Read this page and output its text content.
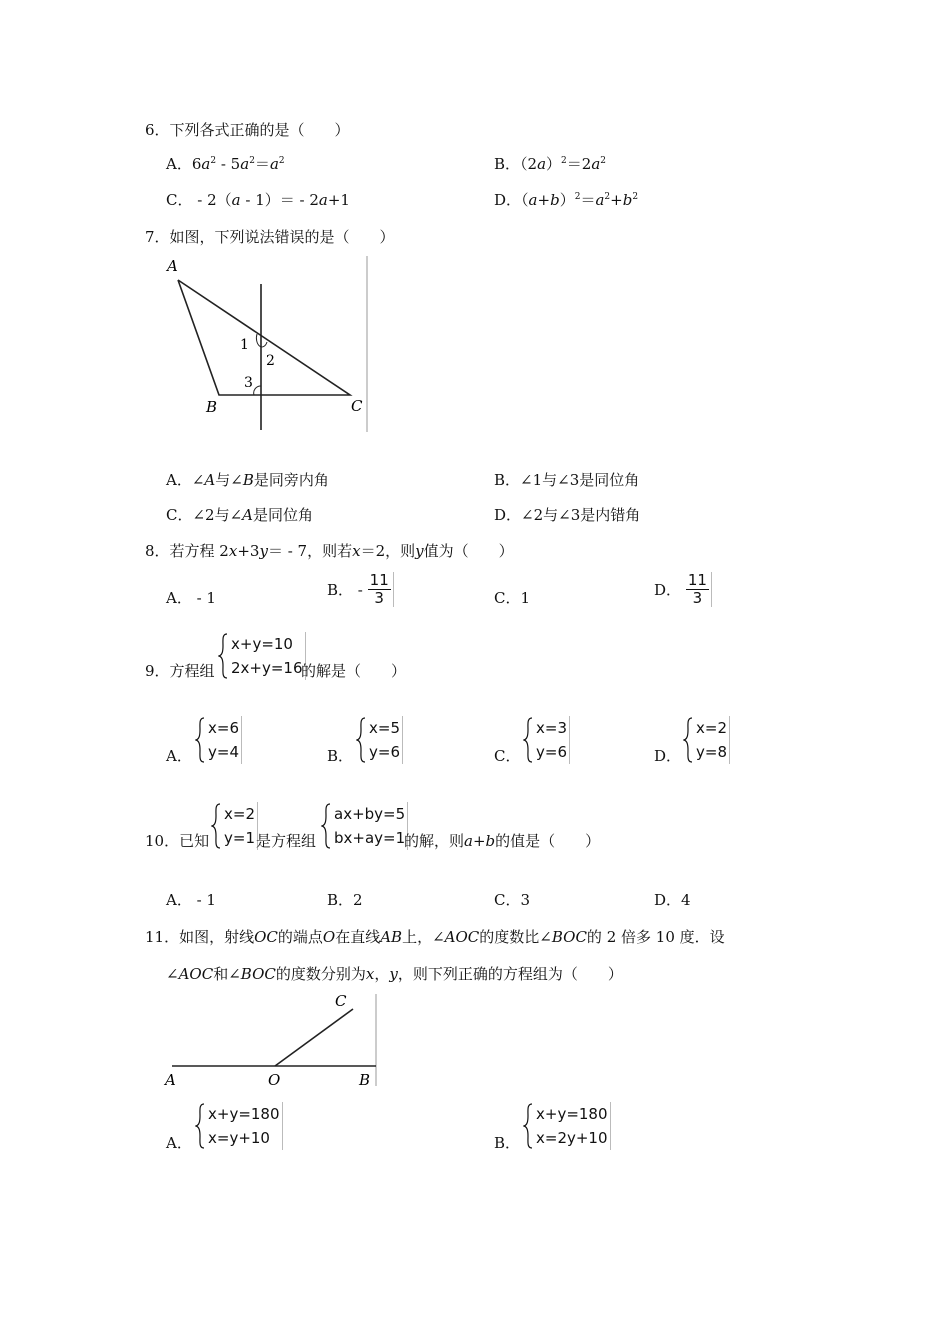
6．下列各式正确的是（　　）
A．$6a^2 - 5a^2=a^2$	B．$(2a)^2=2a^2$
C． - 2（a - 1）＝ - 2a+1	D．$(a+b)^2=a^2+b^2$
7．如图，下列说法错误的是（　　）
A
B	C
1
2
3
A．∠A与∠B是同旁内角	B．∠1与∠3是同位角
C．∠2与∠A是同位角	D．∠2与∠3是内错角
8．若方程 2x+3y＝ - 7，则若x＝2，则y值为（　　）
A． - 1	B． - $\frac{11}{3}$	C．1	D． $\frac{11}{3}$
9．方程组
x+y=10
2x+y=16
的解是（　　）
A．
x=6
y=4	B．
x=5
y=6	C．
x=3
y=6	D．
x=2
y=8
10．已知
x=2
y=1 是方程组
ax+by=5
bx+ay=1
的解，则a+b的值是（　　）
A． - 1	B．2	C．3	D．4
11．如图，射线OC的端点O在直线AB上，∠AOC的度数比∠BOC的 2 倍多 10 度．设
∠AOC和∠BOC的度数分别为x，y，则下列正确的方程组为（　　）
A	O	B
C
A．
x+y=180
x=y+10	B．
x+y=180
x=2y+10
